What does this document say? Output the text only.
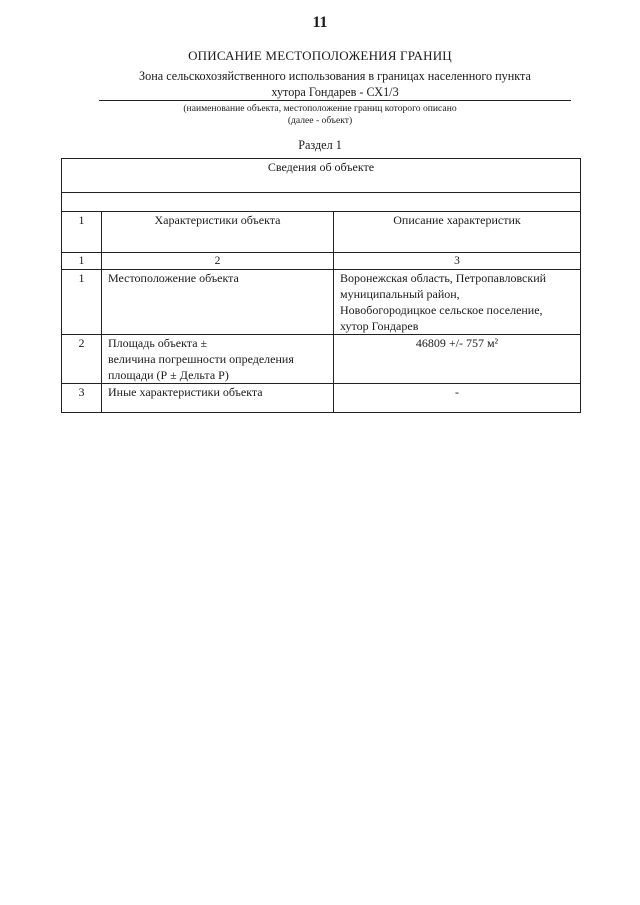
11
ОПИСАНИЕ МЕСТОПОЛОЖЕНИЯ ГРАНИЦ
Зона сельскохозяйственного использования в границах населенного пункта
хутора Гондарев - СХ1/3
(наименование объекта, местоположение границ которого описано
(далее - объект)
Раздел 1
Сведения об объекте		

1	Характеристики объекта	Описание характеристик
1	2	3
1	Местоположение объекта	Воронежская область, Петропавловский
муниципальный район,
Новобогородицкое сельское поселение,
хутор Гондарев

2	Площадь объекта ±
величина погрешности определения
площади (Р ± Дельта Р)	46809 +/- 757 м²
3	Иные характеристики объекта	-
